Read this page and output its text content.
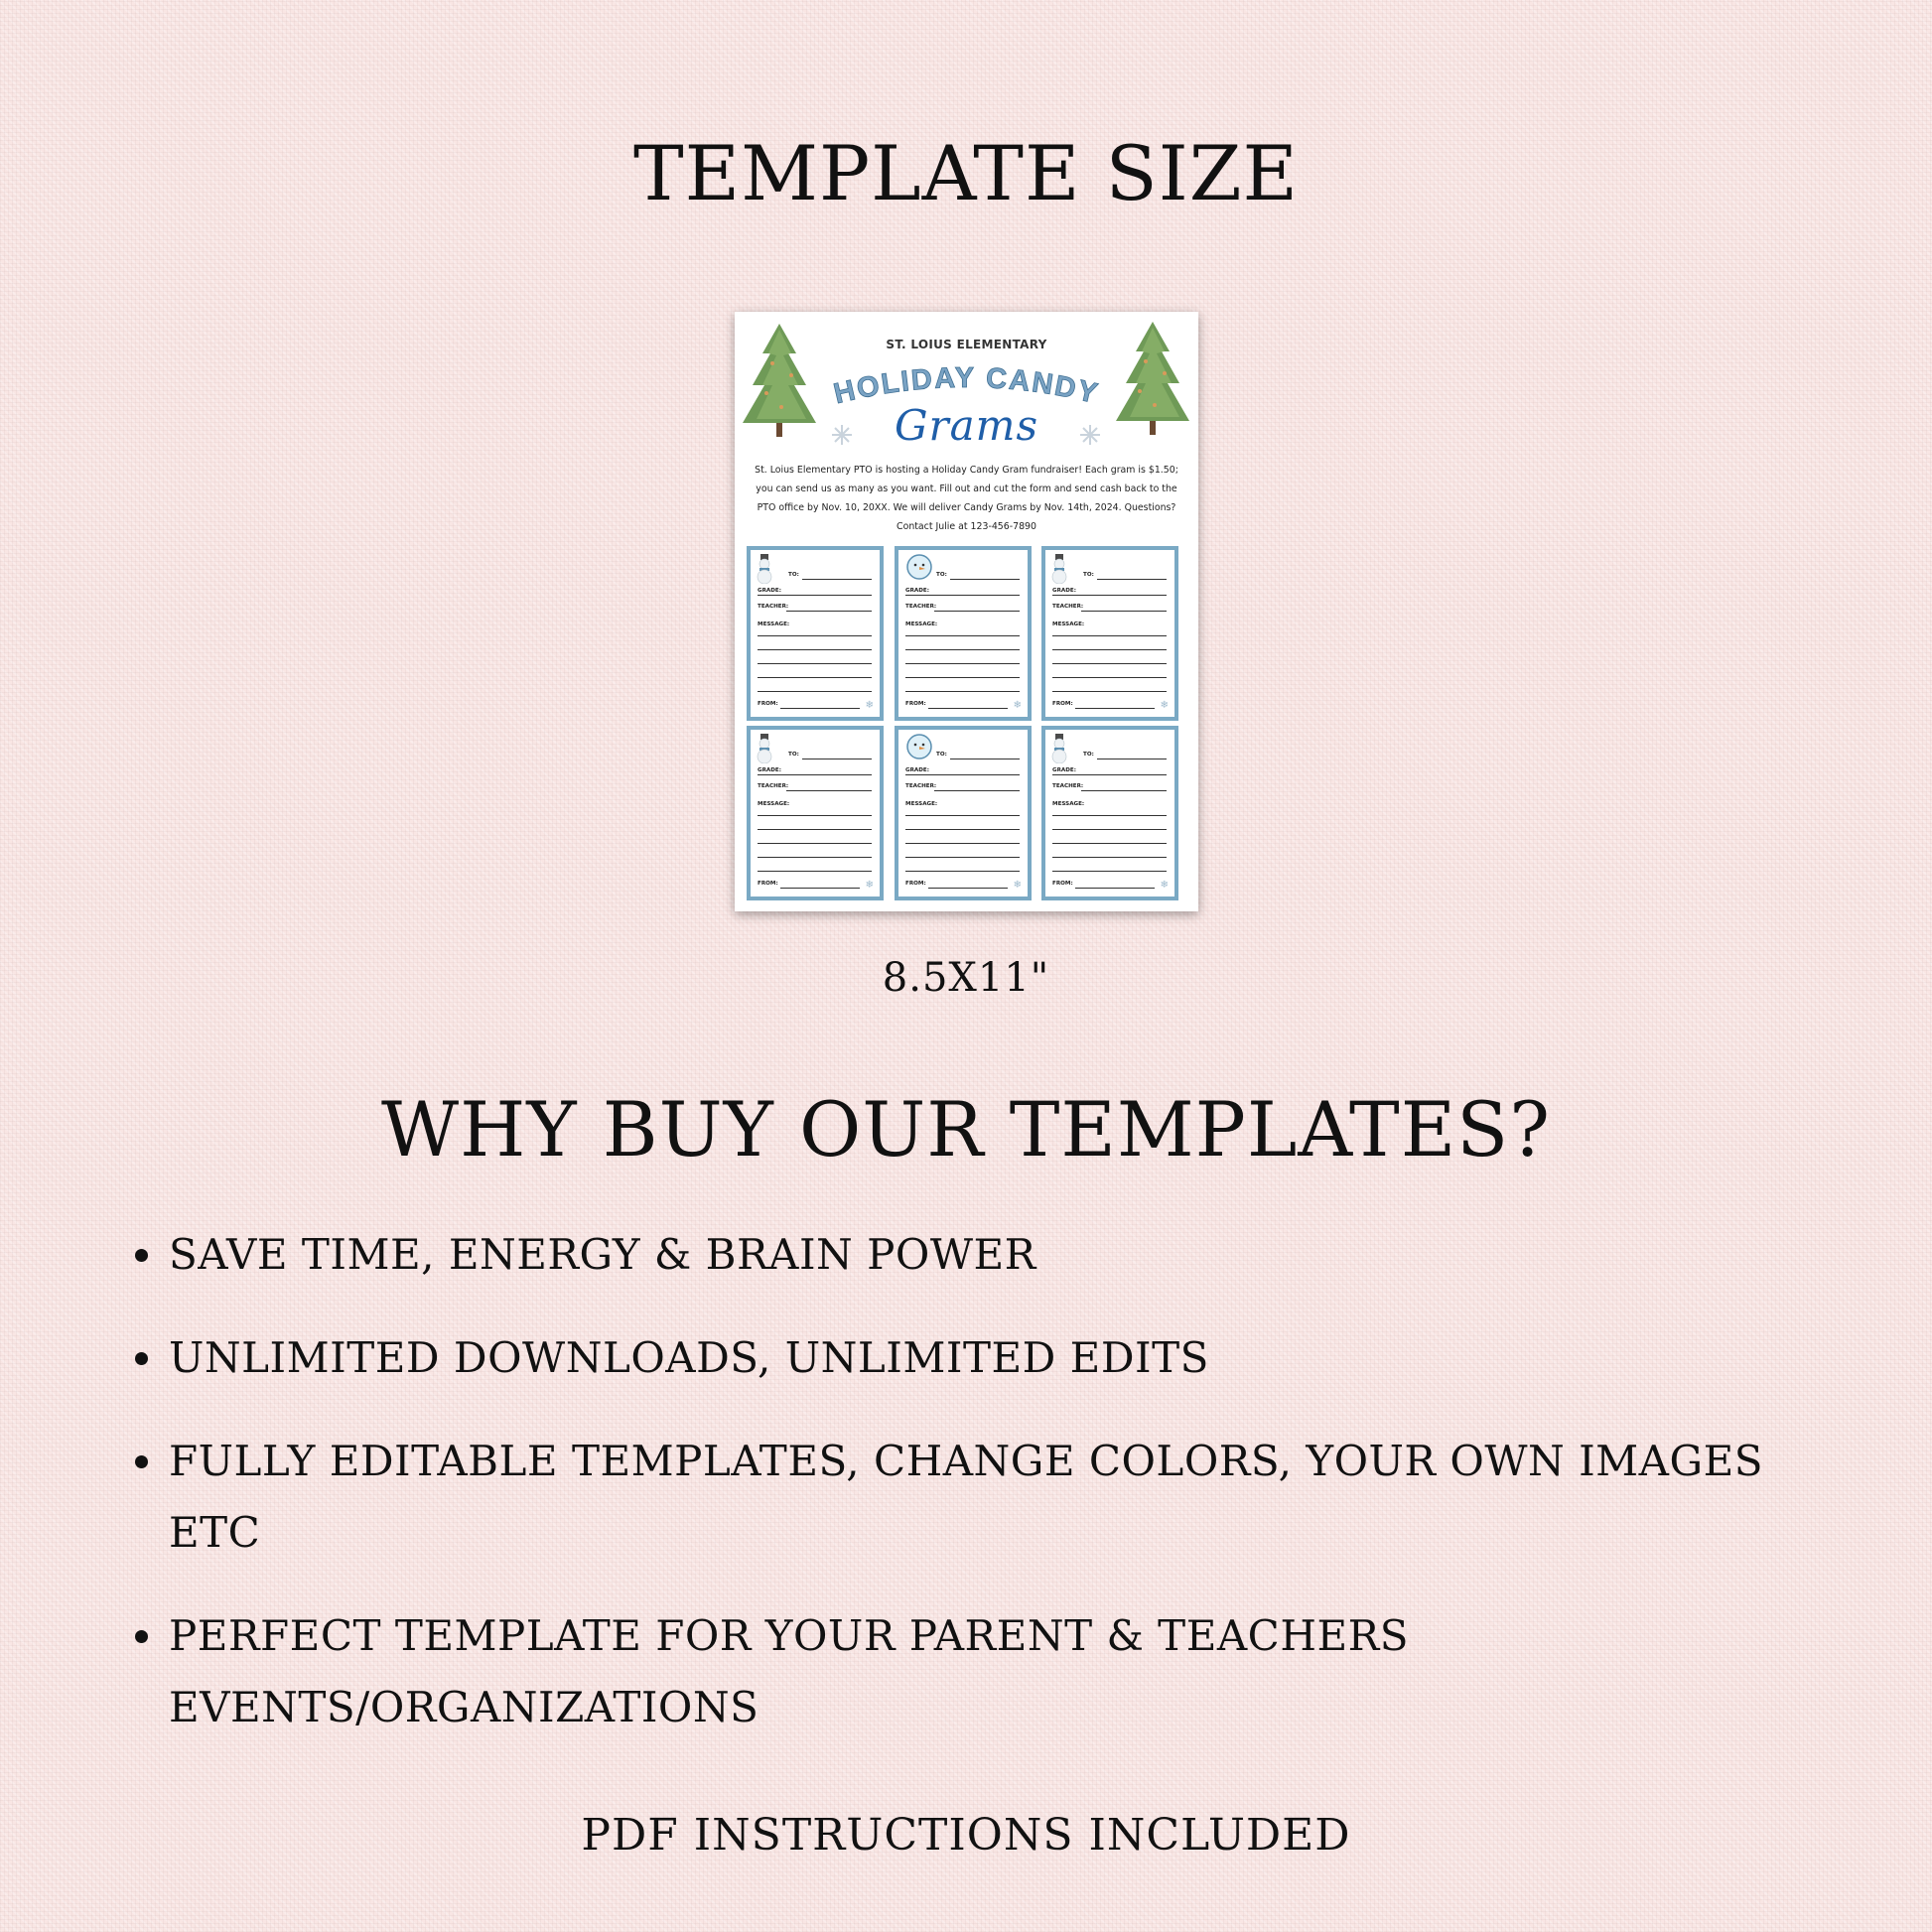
TEMPLATE SIZE
ST. LOIUS ELEMENTARY
HOLIDAY CANDY
Grams
St. Loius Elementary PTO is hosting a Holiday Candy Gram fundraiser! Each gram is $1.50; you can send us as many as you want. Fill out and cut the form and send cash back to the PTO office by Nov. 10, 20XX. We will deliver Candy Grams by Nov. 14th, 2024. Questions? Contact Julie at 123-456-7890
TO:
GRADE:
TEACHER:
MESSAGE:
FROM:	❄
TO:
GRADE:
TEACHER:
MESSAGE:
FROM:	❄
TO:
GRADE:
TEACHER:
MESSAGE:
FROM:	❄
TO:
GRADE:
TEACHER:
MESSAGE:
FROM:	❄
TO:
GRADE:
TEACHER:
MESSAGE:
FROM:	❄
TO:
GRADE:
TEACHER:
MESSAGE:
FROM:	❄
8.5X11"
WHY BUY OUR TEMPLATES?
SAVE TIME, ENERGY & BRAIN POWER
UNLIMITED DOWNLOADS, UNLIMITED EDITS
FULLY EDITABLE TEMPLATES, CHANGE COLORS, YOUR OWN IMAGES ETC
PERFECT TEMPLATE FOR YOUR PARENT & TEACHERS EVENTS/ORGANIZATIONS
PDF INSTRUCTIONS INCLUDED
